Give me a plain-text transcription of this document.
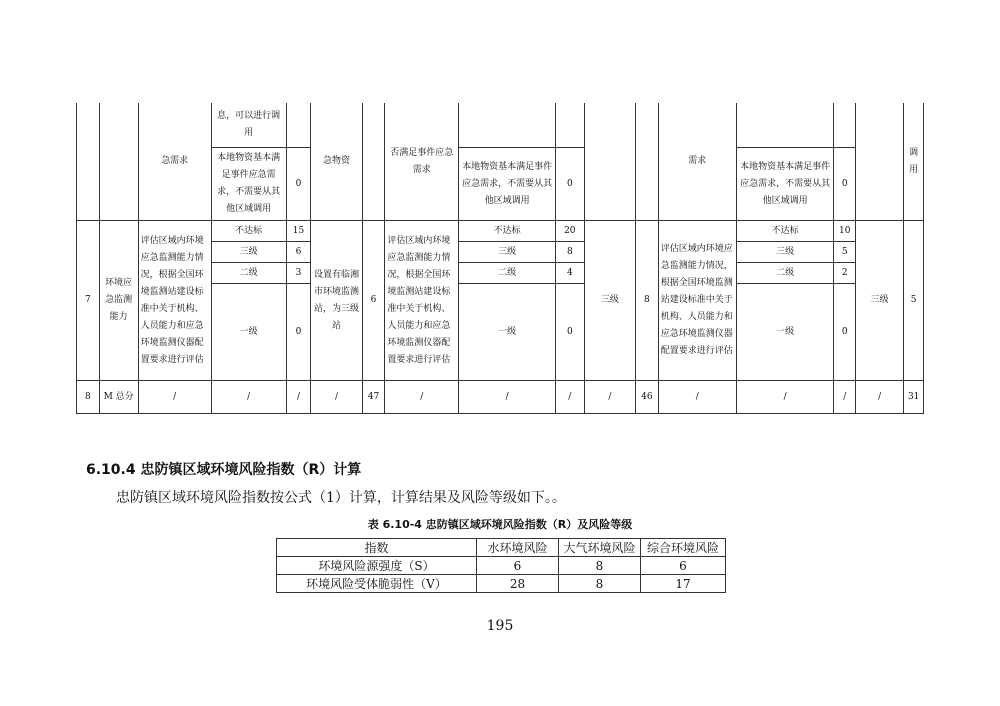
		急需求	息，可以进行调用		急物资		否满足事件应急需求					需求				调用
			本地物资基本满足事件应急需求，不需要从其他区域调用	0				本地物资基本满足事件应急需求，不需要从其他区域调用	0				本地物资基本满足事件应急需求，不需要从其他区域调用	0		
7	环境应急监测能力	评估区域内环境应急监测能力情况，根据全国环境监测站建设标准中关于机构、人员能力和应急环境监测仪器配置要求进行评估	不达标	15	设置有临湘市环境监测站，为三级站	6	评估区域内环境应急监测能力情况，根据全国环境监测站建设标准中关于机构、人员能力和应急环境监测仪器配置要求进行评估	不达标	20	三级	8	评估区域内环境应急监测能力情况，根据全国环境监测站建设标准中关于机构、人员能力和应急环境监测仪器配置要求进行评估	不达标	10	三级	5
			三级	6				三级	8				三级	5		
			二级	3				二级	4				二级	2		
			一级	0				一级	0				一级	0		
8	M 总分	/	/	/	/	47	/	/	/	/	46	/	/	/	/	31
6.10.4 忠防镇区域环境风险指数（R）计算
忠防镇区域环境风险指数按公式（1）计算，计算结果及风险等级如下。。
表 6.10-4 忠防镇区域环境风险指数（R）及风险等级
指数	水环境风险	大气环境风险	综合环境风险
环境风险源强度（S）	6	8	6
环境风险受体脆弱性（V）	28	8	17
195
